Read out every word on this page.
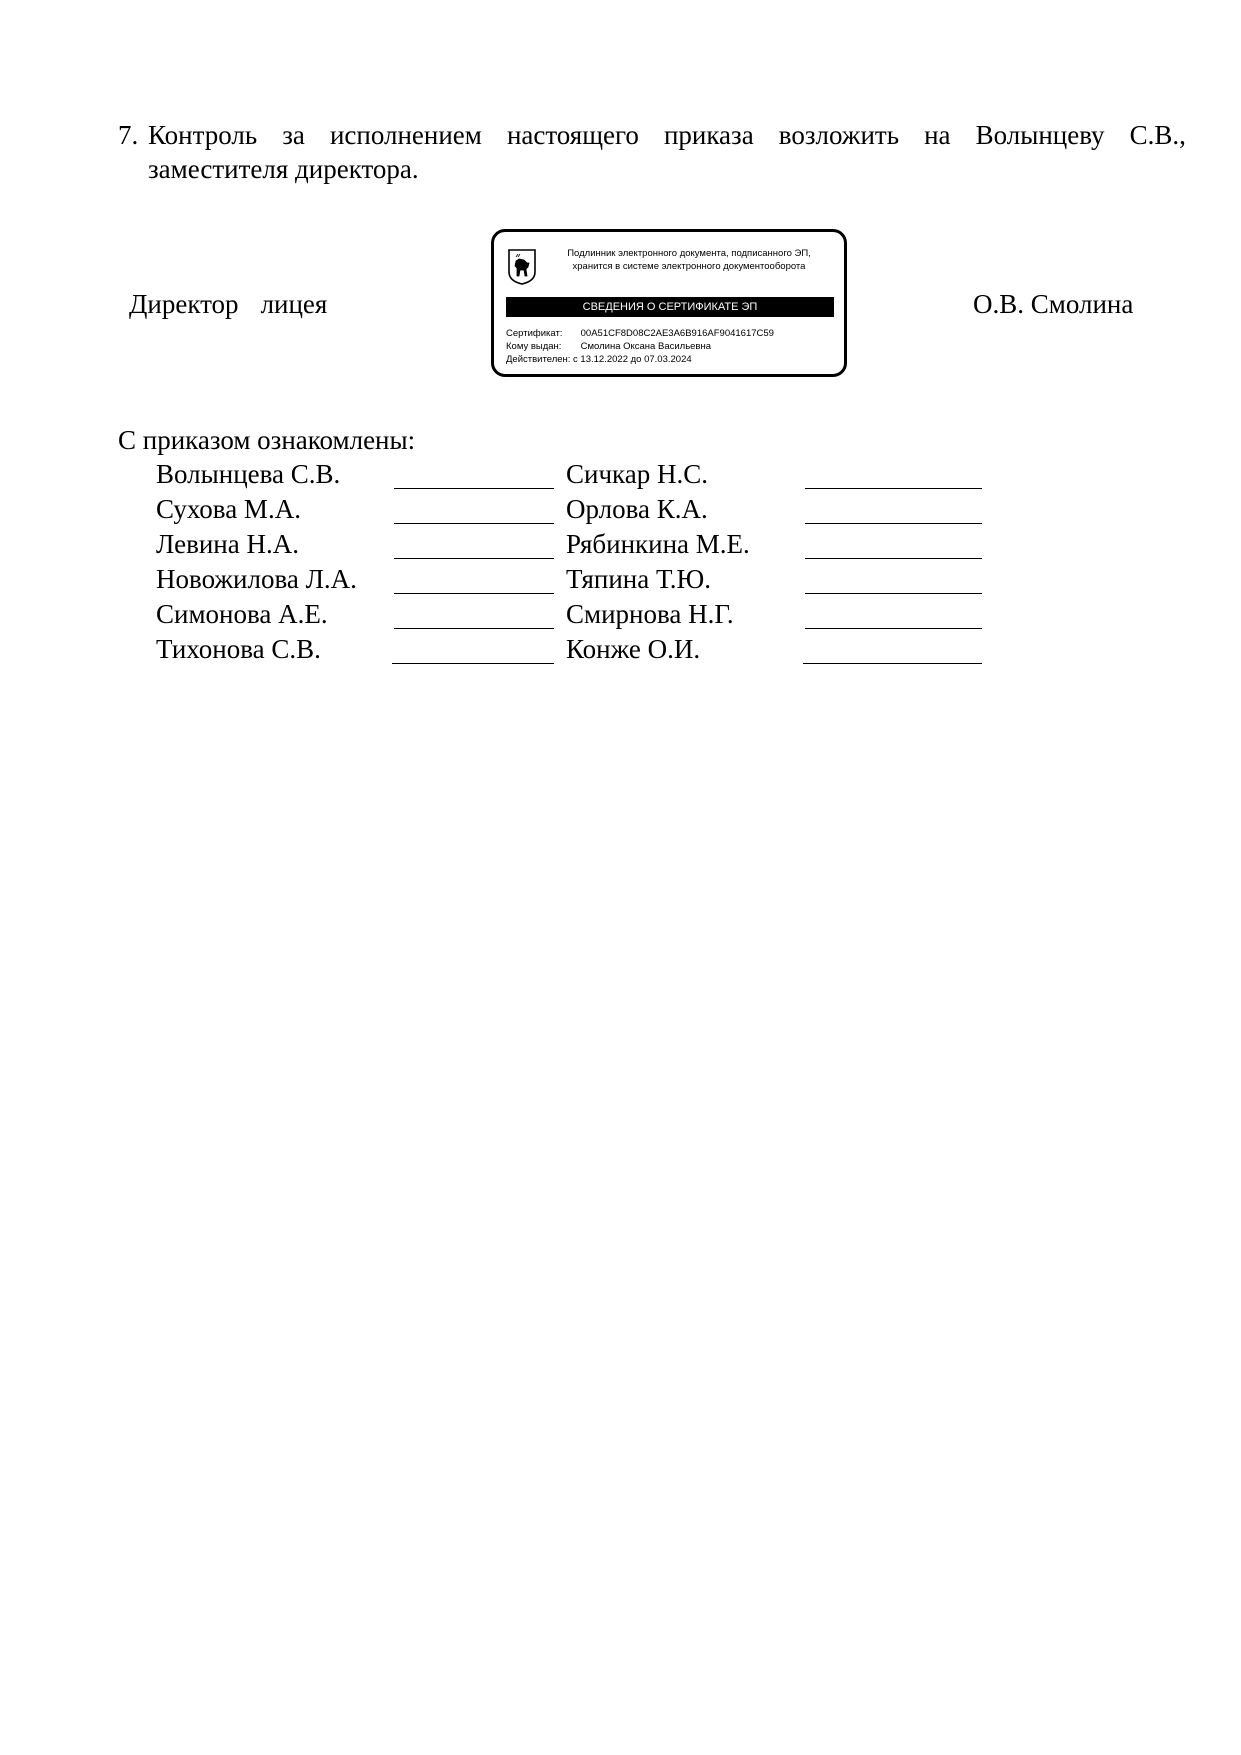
7. Контроль за исполнением настоящего приказа возложить на Волынцеву С.В.,
заместителя директора.
Директор лицея	О.В. Смолина
Подлинник электронного документа, подписанного ЭП,
хранится в системе электронного документооборота
СВЕДЕНИЯ О СЕРТИФИКАТЕ ЭП
Сертификат: 00A51CF8D08C2AE3A6B916AF9041617C59
Кому выдан: Смолина Оксана Васильевна
Действителен: с 13.12.2022 до 07.03.2024
С приказом ознакомлены:
Волынцева С.В.	Сичкар Н.С.
Сухова М.А.	Орлова К.А.
Левина Н.А.	Рябинкина М.Е.
Новожилова Л.А.	Тяпина Т.Ю.
Симонова А.Е.	Смирнова Н.Г.
Тихонова С.В.	Конже О.И.
